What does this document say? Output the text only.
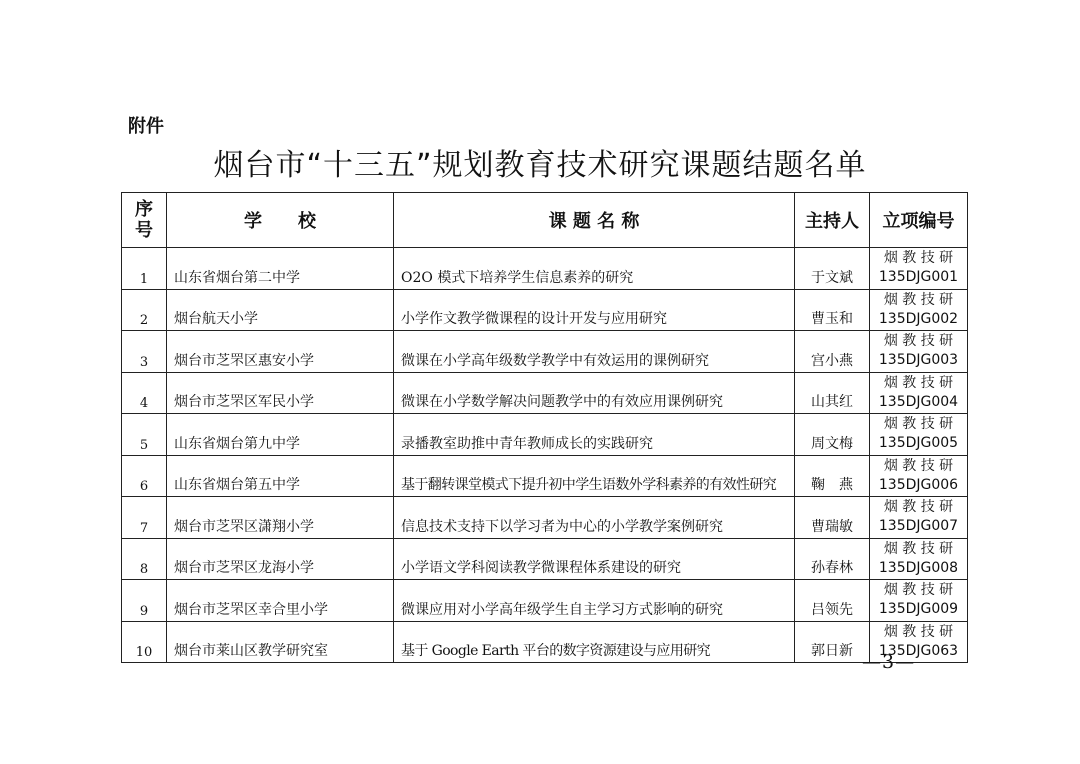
附件
烟台市“十三五”规划教育技术研究课题结题名单
序号	学　　校	课 题 名 称	主持人	立项编号
1	山东省烟台第二中学	O2O 模式下培养学生信息素养的研究	于文斌	烟 教 技 研
135DJG001

2	烟台航天小学	小学作文教学微课程的设计开发与应用研究	曹玉和	烟 教 技 研
135DJG002

3	烟台市芝罘区惠安小学	微课在小学高年级数学教学中有效运用的课例研究	宫小燕	烟 教 技 研
135DJG003

4	烟台市芝罘区军民小学	微课在小学数学解决问题教学中的有效应用课例研究	山其红	烟 教 技 研
135DJG004

5	山东省烟台第九中学	录播教室助推中青年教师成长的实践研究	周文梅	烟 教 技 研
135DJG005

6	山东省烟台第五中学	基于翻转课堂模式下提升初中学生语数外学科素养的有效性研究	鞠　燕	烟 教 技 研
135DJG006

7	烟台市芝罘区潇翔小学	信息技术支持下以学习者为中心的小学教学案例研究	曹瑞敏	烟 教 技 研
135DJG007

8	烟台市芝罘区龙海小学	小学语文学科阅读教学微课程体系建设的研究	孙春林	烟 教 技 研
135DJG008

9	烟台市芝罘区幸合里小学	微课应用对小学高年级学生自主学习方式影响的研究	吕领先	烟 教 技 研
135DJG009

10	烟台市莱山区教学研究室	基于 Google Earth 平台的数字资源建设与应用研究	郭日新	烟 教 技 研
135DJG063
—3—
